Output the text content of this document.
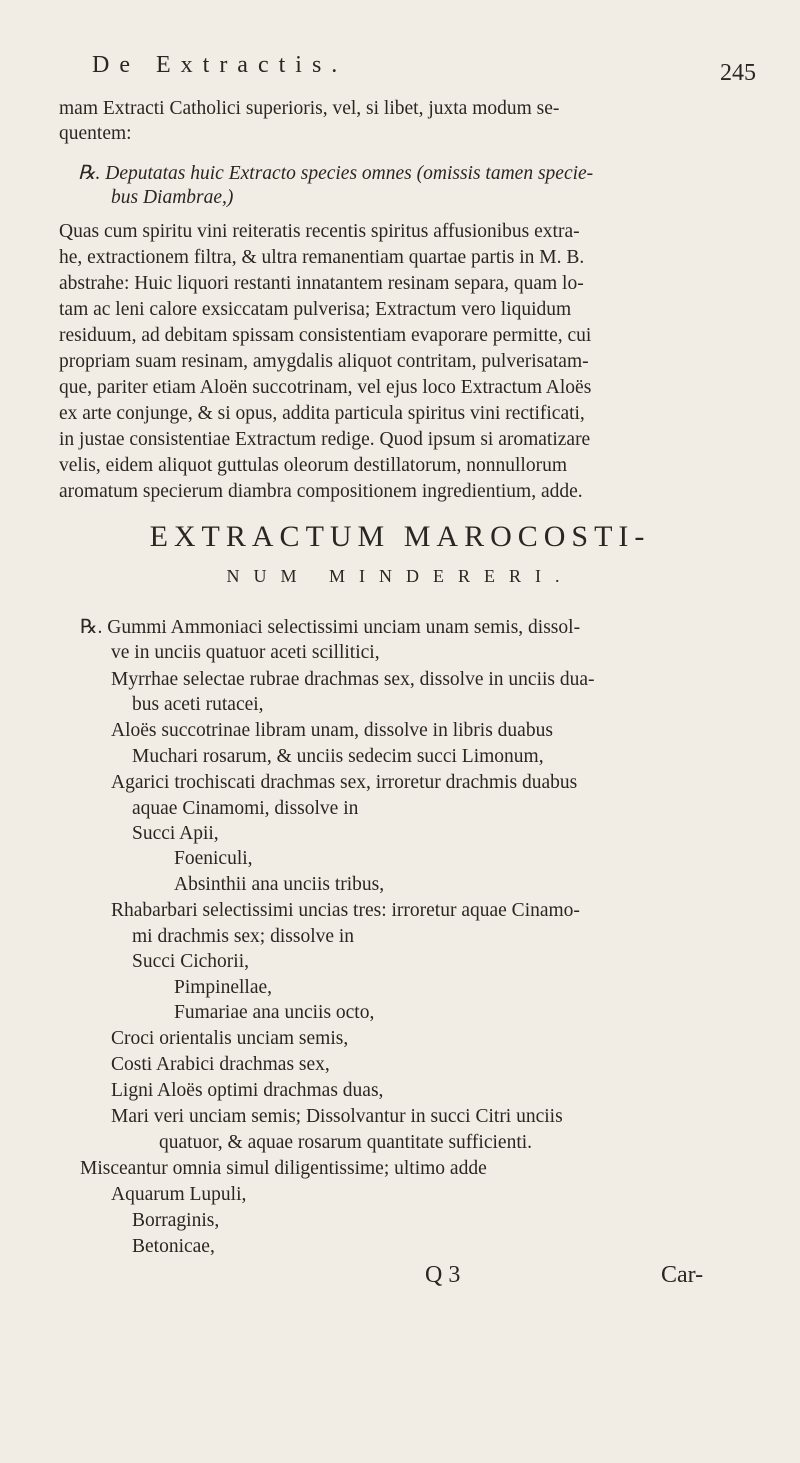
De Extractis.	245
mam Extracti Catholici superioris, vel, si libet, juxta modum se-
quentem:
℞. Deputatas huic Extracto species omnes (omissis tamen specie-
bus Diambrae,)
Quas cum spiritu vini reiteratis recentis spiritus affusionibus extra-
he, extractionem filtra, & ultra remanentiam quartae partis in M. B.
abstrahe: Huic liquori restanti innatantem resinam separa, quam lo-
tam ac leni calore exsiccatam pulverisa; Extractum vero liquidum
residuum, ad debitam spissam consistentiam evaporare permitte, cui
propriam suam resinam, amygdalis aliquot contritam, pulverisatam-
que, pariter etiam Aloën succotrinam, vel ejus loco Extractum Aloës
ex arte conjunge, & si opus, addita particula spiritus vini rectificati,
in justae consistentiae Extractum redige. Quod ipsum si aromatizare
velis, eidem aliquot guttulas oleorum destillatorum, nonnullorum
aromatum specierum diambra compositionem ingredientium, adde.
EXTRACTUM MAROCOSTI-
NUM MINDERERI.
℞. Gummi Ammoniaci selectissimi unciam unam semis, dissol-
ve in unciis quatuor aceti scillitici,
Myrrhae selectae rubrae drachmas sex, dissolve in unciis dua-
bus aceti rutacei,
Aloës succotrinae libram unam, dissolve in libris duabus
Muchari rosarum, & unciis sedecim succi Limonum,
Agarici trochiscati drachmas sex, irroretur drachmis duabus
aquae Cinamomi, dissolve in
Succi Apii,
Foeniculi,
Absinthii ana unciis tribus,
Rhabarbari selectissimi uncias tres: irroretur aquae Cinamo-
mi drachmis sex; dissolve in
Succi Cichorii,
Pimpinellae,
Fumariae ana unciis octo,
Croci orientalis unciam semis,
Costi Arabici drachmas sex,
Ligni Aloës optimi drachmas duas,
Mari veri unciam semis; Dissolvantur in succi Citri unciis
quatuor, & aquae rosarum quantitate sufficienti.
Misceantur omnia simul diligentissime; ultimo adde
Aquarum Lupuli,
Borraginis,
Betonicae,
Q 3	Car-
